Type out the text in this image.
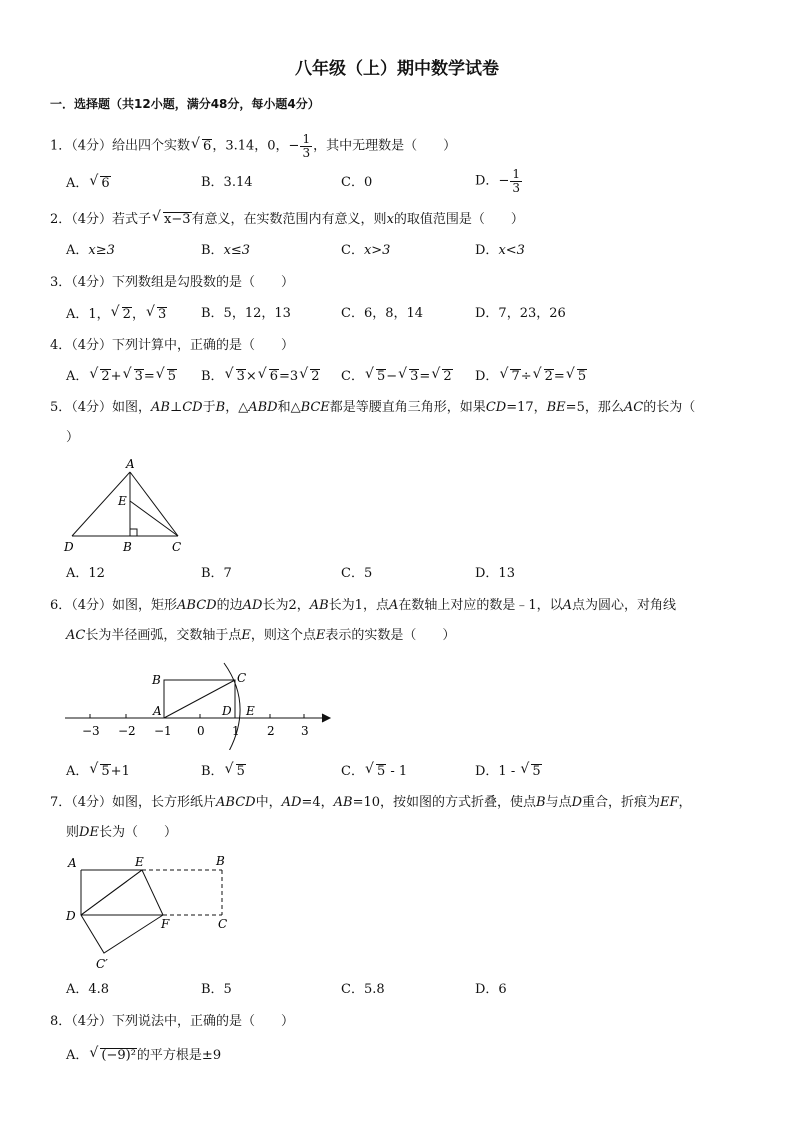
八年级（上）期中数学试卷
一．选择题（共12小题，满分48分，每小题4分）
1．（4分）给出四个实数 √ 6，3.14，0，− $\frac{1}{3}$ ，其中无理数是（　　）
A． √ 6	B．3.14	C．0	D．− $\frac{1}{3}$
2．（4分）若式子 √ x−3有意义，在实数范围内有意义，则x的取值范围是（　　）
A．x≥3	B．x≤3	C．x>3	D．x<3
3．（4分）下列数组是勾股数的是（　　）
A．1， √ 2， √ 3	B．5，12，13	C．6，8，14	D．7，23，26
4．（4分）下列计算中，正确的是（　　）
A． √ 2+ √ 3= √ 5 B． √ 3× √ 6=3 √ 2 C． √ 5− √ 3= √ 2 D． √ 7÷ √ 2= √ 5
5．（4分）如图，AB⊥CD于B，△ABD和△BCE都是等腰直角三角形，如果CD=17，BE=5，那么AC的长为（
）
A
E
D	B	C
A．12	B．7	C．5	D．13
6．（4分）如图，矩形ABCD的边AD长为2，AB长为1，点A在数轴上对应的数是﹣1，以A点为圆心，对角线
AC长为半径画弧，交数轴于点E，则这个点E表示的实数是（　　）
B	C
A	D E
−3 −2 −1 0 1 2 3
A． √ 5+1	B． √ 5	C． √ 5 - 1	D．1 - √ 5
7．（4分）如图，长方形纸片ABCD中，AD=4，AB=10，按如图的方式折叠，使点B与点D重合，折痕为EF，
则DE长为（　　）
A	E	B
D
F	C
C′
A．4.8	B．5	C．5.8	D．6
8．（4分）下列说法中，正确的是（　　）
A． √ (−9)²的平方根是±9
